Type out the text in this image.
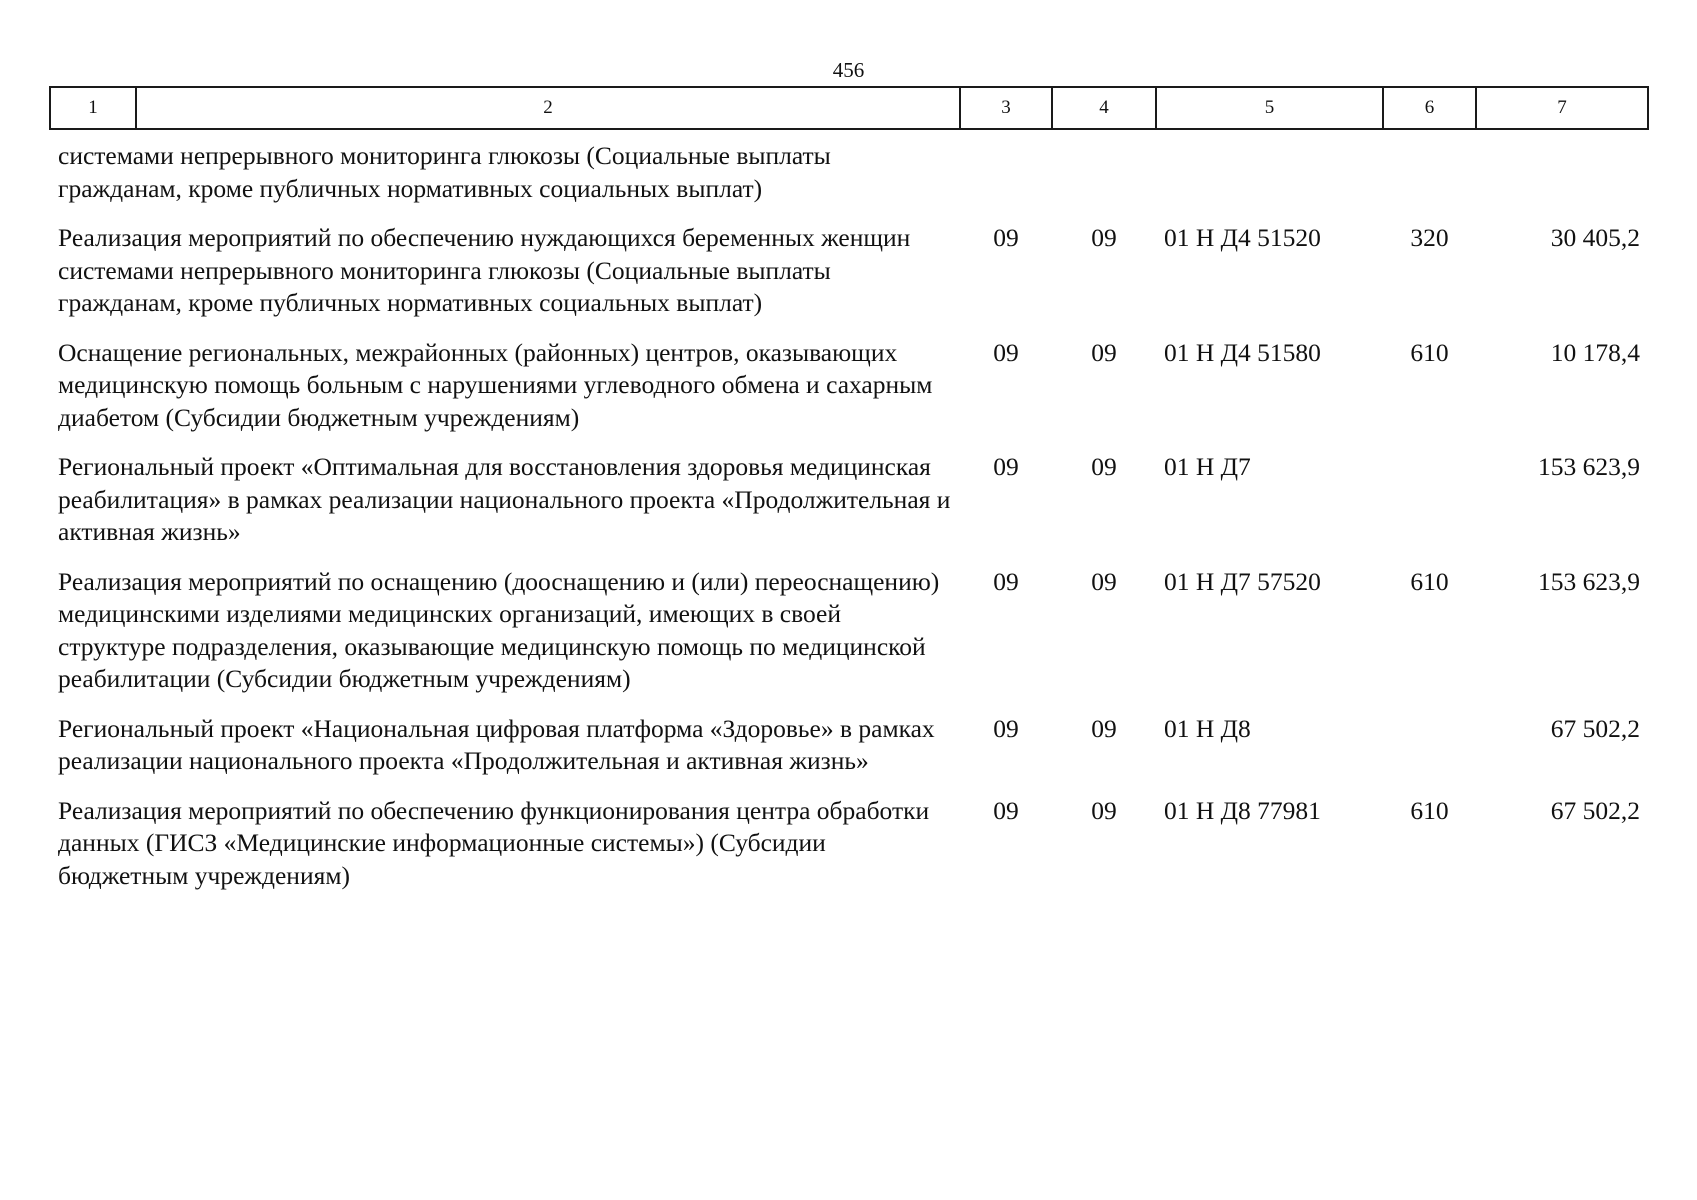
456
1	2	3	4	5	6	7
системами непрерывного мониторинга глюкозы (Социальные выплаты гражданам, кроме публичных нормативных социальных выплат)						
Реализация мероприятий по обеспечению нуждающихся беременных женщин системами непрерывного мониторинга глюкозы (Социальные выплаты гражданам, кроме публичных нормативных социальных выплат)		09	09	01 Н Д4 51520	320	30 405,2
Оснащение региональных, межрайонных (районных) центров, оказывающих медицинскую помощь больным с нарушениями углеводного обмена и сахарным диабетом (Субсидии бюджетным учреждениям)		09	09	01 Н Д4 51580	610	10 178,4
Региональный проект «Оптимальная для восстановления здоровья медицинская реабилитация» в рамках реализации национального проекта «Продолжительная и активная жизнь»		09	09	01 Н Д7		153 623,9
Реализация мероприятий по оснащению (дооснащению и (или) переоснащению) медицинскими изделиями медицинских организаций, имеющих в своей структуре подразделения, оказывающие медицинскую помощь по медицинской реабилитации (Субсидии бюджетным учреждениям)		09	09	01 Н Д7 57520	610	153 623,9
Региональный проект «Национальная цифровая платформа «Здоровье» в рамках реализации национального проекта «Продолжительная и активная жизнь»		09	09	01 Н Д8		67 502,2
Реализация мероприятий по обеспечению функционирования центра обработки данных (ГИСЗ «Медицинские информационные системы») (Субсидии бюджетным учреждениям)		09	09	01 Н Д8 77981	610	67 502,2
